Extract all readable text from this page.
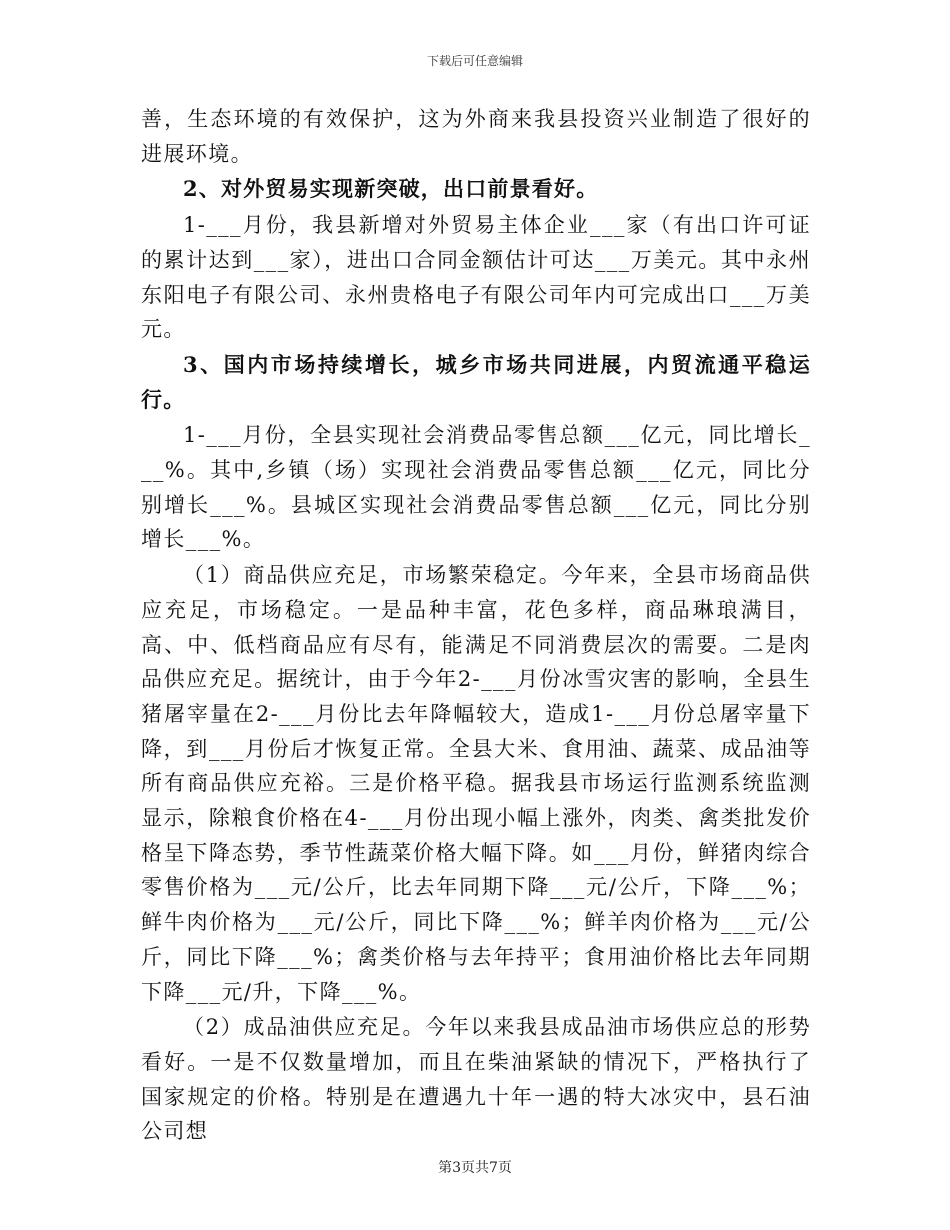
下载后可任意编辑

善，生态环境的有效保护，这为外商来我县投资兴业制造了很好的进展环境。

2、对外贸易实现新突破，出口前景看好。

1-___月份，我县新增对外贸易主体企业___家（有出口许可证的累计达到___家），进出口合同金额估计可达___万美元。其中永州东阳电子有限公司、永州贵格电子有限公司年内可完成出口___万美元。

3、国内市场持续增长，城乡市场共同进展，内贸流通平稳运行。

1-___月份，全县实现社会消费品零售总额___亿元，同比增长___%。其中,乡镇（场）实现社会消费品零售总额___亿元，同比分别增长___%。县城区实现社会消费品零售总额___亿元，同比分别增长___%。

（1）商品供应充足，市场繁荣稳定。今年来，全县市场商品供应充足，市场稳定。一是品种丰富，花色多样，商品琳琅满目，高、中、低档商品应有尽有，能满足不同消费层次的需要。二是肉品供应充足。据统计，由于今年2-___月份冰雪灾害的影响，全县生猪屠宰量在2-___月份比去年降幅较大，造成1-___月份总屠宰量下降，到___月份后才恢复正常。全县大米、食用油、蔬菜、成品油等所有商品供应充裕。三是价格平稳。据我县市场运行监测系统监测显示，除粮食价格在4-___月份出现小幅上涨外，肉类、禽类批发价格呈下降态势，季节性蔬菜价格大幅下降。如___月份，鲜猪肉综合零售价格为___元/公斤，比去年同期下降___元/公斤，下降___%；鲜牛肉价格为___元/公斤，同比下降___%；鲜羊肉价格为___元/公斤，同比下降___%；禽类价格与去年持平；食用油价格比去年同期下降___元/升，下降___%。

（2）成品油供应充足。今年以来我县成品油市场供应总的形势看好。一是不仅数量增加，而且在柴油紧缺的情况下，严格执行了国家规定的价格。特别是在遭遇九十年一遇的特大冰灾中，县石油公司想

第3页共7页
